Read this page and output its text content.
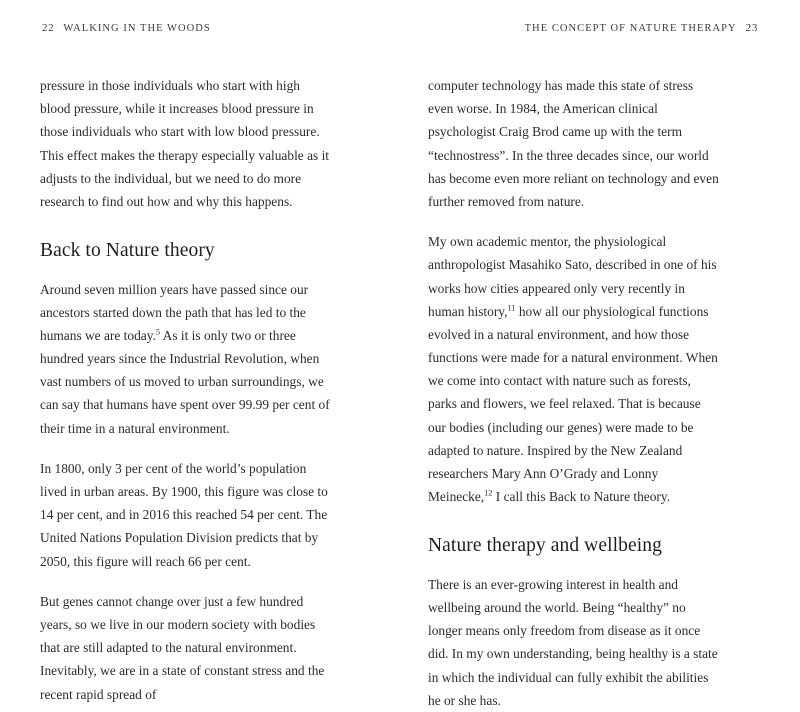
22 WALKING IN THE WOODS	THE CONCEPT OF NATURE THERAPY 23

pressure in those individuals who start with high blood pressure, while it increases blood pressure in those individuals who start with low blood pressure. This effect makes the therapy especially valuable as it adjusts to the individual, but we need to do more research to find out how and why this happens.

Back to Nature theory

Around seven million years have passed since our ancestors started down the path that has led to the humans we are today.$^5$ As it is only two or three hundred years since the Industrial Revolution, when vast numbers of us moved to urban surroundings, we can say that humans have spent over 99.99 per cent of their time in a natural environment.

In 1800, only 3 per cent of the world’s population lived in urban areas. By 1900, this figure was close to 14 per cent, and in 2016 this reached 54 per cent. The United Nations Population Division predicts that by 2050, this figure will reach 66 per cent.

But genes cannot change over just a few hundred years, so we live in our modern society with bodies that are still adapted to the natural environment. Inevitably, we are in a state of constant stress and the recent rapid spread of

computer technology has made this state of stress even worse. In 1984, the American clinical psychologist Craig Brod came up with the term “technostress”. In the three decades since, our world has become even more reliant on technology and even further removed from nature.

My own academic mentor, the physiological anthropologist Masahiko Sato, described in one of his works how cities appeared only very recently in human history,$^{11}$ how all our physiological functions evolved in a natural environment, and how those functions were made for a natural environment. When we come into contact with nature such as forests, parks and flowers, we feel relaxed. That is because our bodies (including our genes) were made to be adapted to nature. Inspired by the New Zealand researchers Mary Ann O’Grady and Lonny Meinecke,$^{12}$ I call this Back to Nature theory.

Nature therapy and wellbeing

There is an ever-growing interest in health and wellbeing around the world. Being “healthy” no longer means only freedom from disease as it once did. In my own understanding, being healthy is a state in which the individual can fully exhibit the abilities he or she has.
